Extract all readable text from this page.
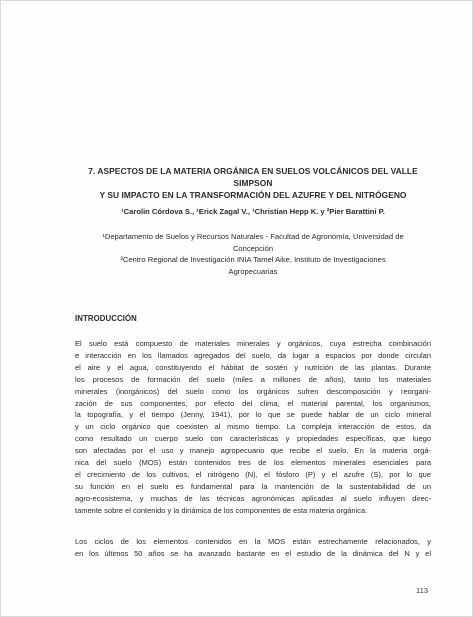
7. ASPECTOS DE LA MATERIA ORGÁNICA EN SUELOS VOLCÁNICOS DEL VALLE SIMPSON
Y SU IMPACTO EN LA TRANSFORMACIÓN DEL AZUFRE Y DEL NITRÓGENO
¹Carolin Córdova S., ¹Erick Zagal V., ¹Christian Hepp K. y ²Pier Barattini P.
¹Departamento de Suelos y Recursos Naturales - Facultad de Agronomía, Universidad de
Concepción
²Centro Regional de Investigación INIA Tamel Aike, Instituto de Investigaciones
Agropecuarias
INTRODUCCIÓN
El suelo está compuesto de materiales minerales y orgánicos, cuya estrecha combinación
e interacción en los llamados agregados del suelo, da lugar a espacios por donde circulan
el aire y el agua, constituyendo el hábitat de sostén y nutrición de las plantas. Durante
los procesos de formación del suelo (miles a millones de años), tanto los materiales
minerales (inorgánicos) del suelo como los orgánicos sufren descomposición y reorgani-
zación de sus componentes, por efecto del clima, el material parental, los organismos,
la topografía, y el tiempo (Jenny, 1941), por lo que se puede hablar de un ciclo mineral
y un ciclo orgánico que coexisten al mismo tiempo. La compleja interacción de estos, da
como resultado un cuerpo suelo con características y propiedades específicas, que luego
son afectadas por el uso y manejo agropecuario que recibe el suelo. En la materia orgá-
nica del suelo (MOS) están contenidos tres de los elementos minerales esenciales para
el crecimiento de los cultivos, el nitrógeno (N), el fósforo (P) y el azufre (S), por lo que
su función en el suelo es fundamental para la mantención de la sustentabilidad de un
agro-ecosistema, y muchas de las técnicas agronómicas aplicadas al suelo influyen direc-
tamente sobre el contenido y la dinámica de los componentes de esta materia orgánica.
Los ciclos de los elementos contenidos en la MOS están estrechamente relacionados, y
en los últimos 50 años se ha avanzado bastante en el estudio de la dinámica del N y el
113
